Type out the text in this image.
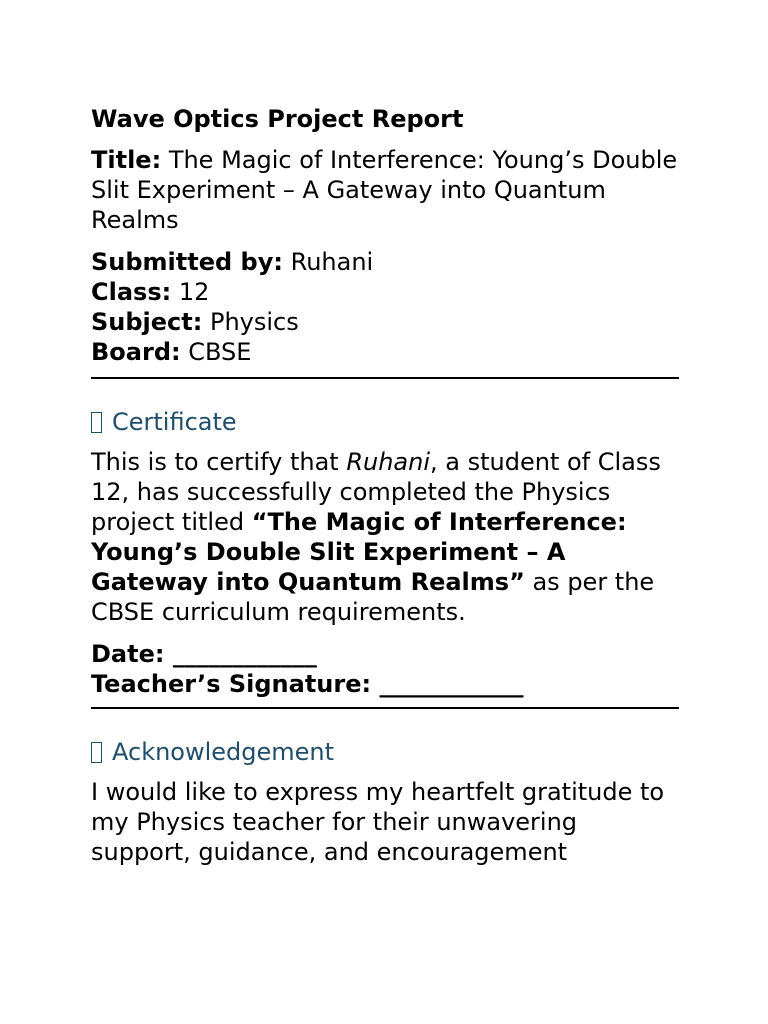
Wave Optics Project Report
Title: The Magic of Interference: Young’s Double Slit Experiment – A Gateway into Quantum Realms
Submitted by: Ruhani
Class: 12
Subject: Physics
Board: CBSE
Certificate
This is to certify that Ruhani, a student of Class 12, has successfully completed the Physics project titled “The Magic of Interference: Young’s Double Slit Experiment – A Gateway into Quantum Realms” as per the CBSE curriculum requirements.
Date: ____________
Teacher’s Signature: ____________
Acknowledgement
I would like to express my heartfelt gratitude to my Physics teacher for their unwavering support, guidance, and encouragement
